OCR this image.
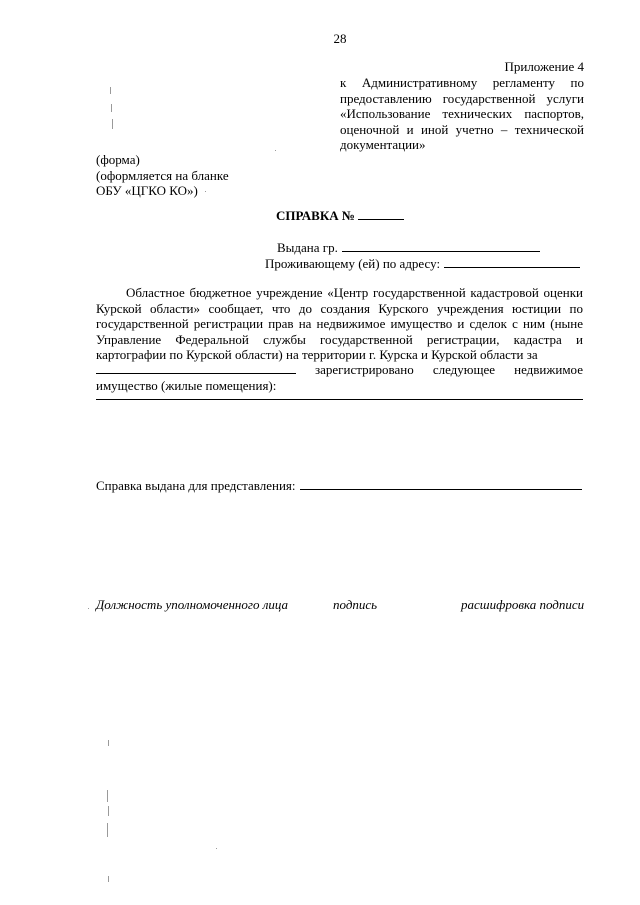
28
Приложение 4
к Административному регламенту по предоставлению государственной услуги «Использование технических паспортов, оценочной и иной учетно – технической документации»
(форма)
(оформляется на бланке
ОБУ «ЦГКО КО»)
СПРАВКА №
Выдана гр.
Проживающему (ей) по адресу:
Областное бюджетное учреждение «Центр государственной кадастровой оценки Курской области» сообщает, что до создания Курского учреждения юстиции по государственной регистрации прав на недвижимое имущество и сделок с ним (ныне Управление Федеральной службы государственной регистрации, кадастра и картографии по Курской области) на территории г. Курска и Курской области за
зарегистрировано следующее недвижимое
имущество (жилые помещения):
Справка выдана для представления:
Должность уполномоченного лица	подпись	расшифровка подписи
